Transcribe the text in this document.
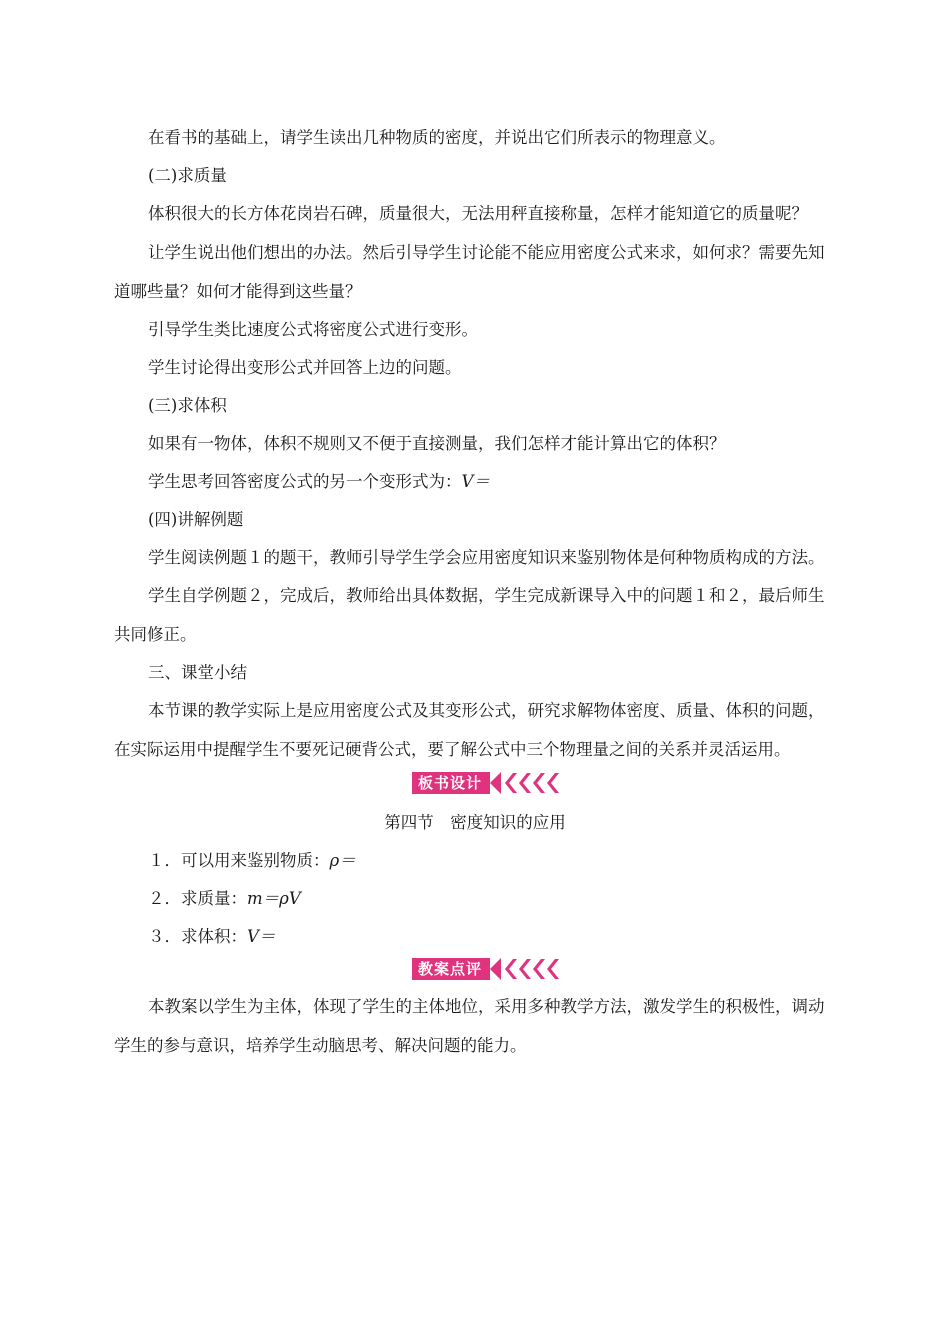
在看书的基础上，请学生读出几种物质的密度，并说出它们所表示的物理意义。
(二)求质量
体积很大的长方体花岗岩石碑，质量很大，无法用秤直接称量，怎样才能知道它的质量呢？
让学生说出他们想出的办法。然后引导学生讨论能不能应用密度公式来求，如何求？需要先知
道哪些量？如何才能得到这些量？
引导学生类比速度公式将密度公式进行变形。
学生讨论得出变形公式并回答上边的问题。
(三)求体积
如果有一物体，体积不规则又不便于直接测量，我们怎样才能计算出它的体积？
学生思考回答密度公式的另一个变形式为：V＝
(四)讲解例题
学生阅读例题１的题干，教师引导学生学会应用密度知识来鉴别物体是何种物质构成的方法。
学生自学例题２，完成后，教师给出具体数据，学生完成新课导入中的问题１和２，最后师生
共同修正。
三、课堂小结
本节课的教学实际上是应用密度公式及其变形公式，研究求解物体密度、质量、体积的问题，
在实际运用中提醒学生不要死记硬背公式，要了解公式中三个物理量之间的关系并灵活运用。
板书设计
第四节　密度知识的应用
１．可以用来鉴别物质：ρ＝
２．求质量：m＝ρV
３．求体积：V＝
教案点评
本教案以学生为主体，体现了学生的主体地位，采用多种教学方法，激发学生的积极性，调动
学生的参与意识，培养学生动脑思考、解决问题的能力。
